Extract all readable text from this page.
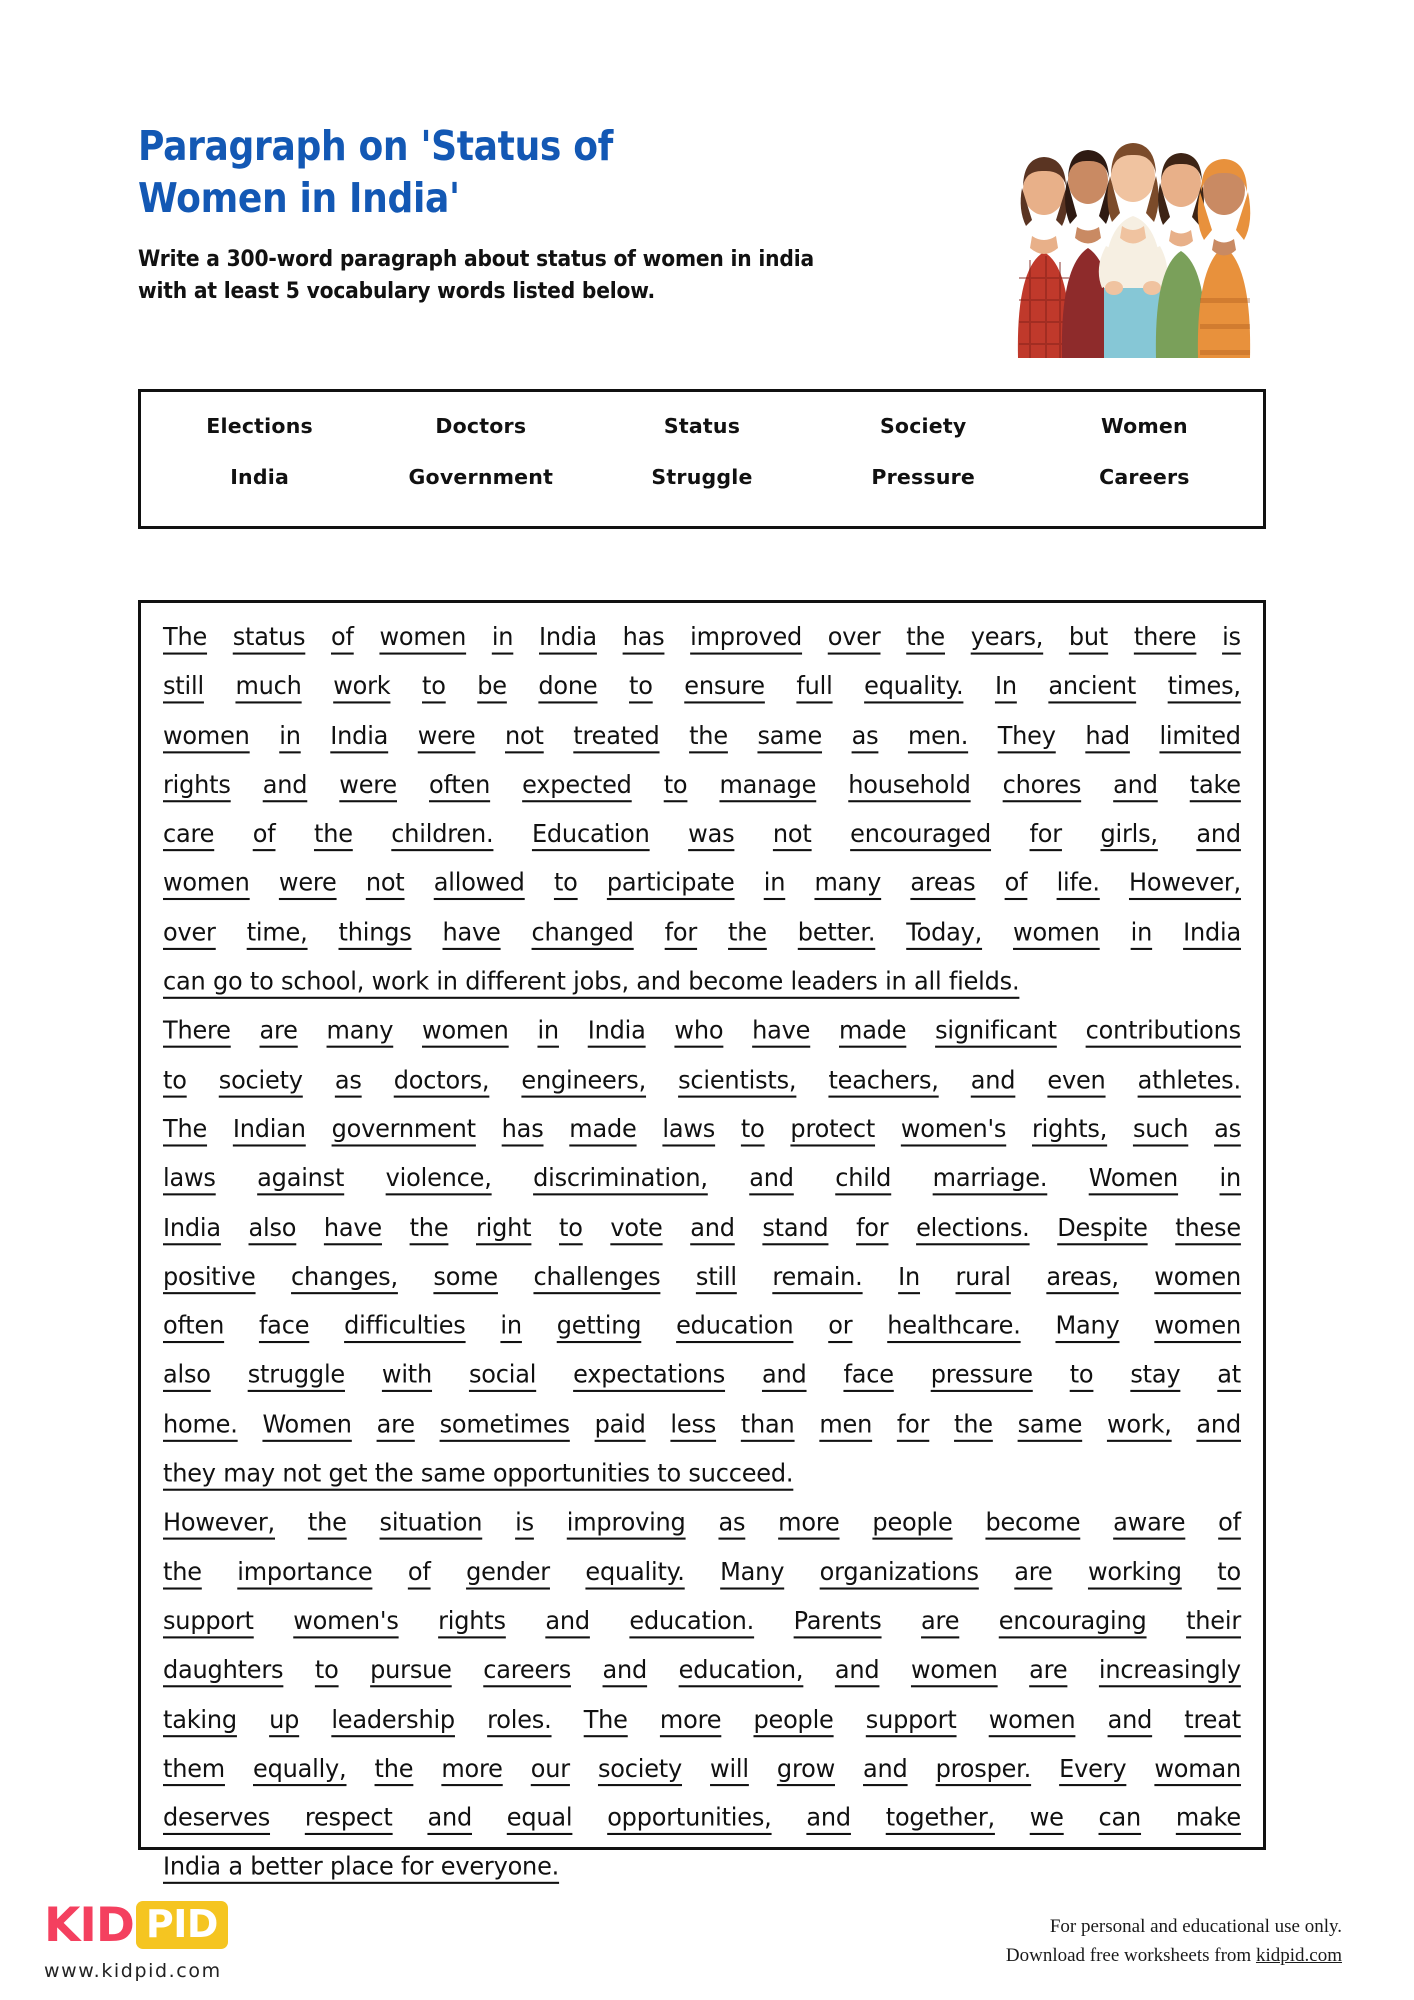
Paragraph on 'Status of Women in India'

Write a 300-word paragraph about status of women in india with at least 5 vocabulary words listed below.

Elections	Doctors	Status	Society	Women
India	Government	Struggle	Pressure	Careers
The status of women in India has improved over the years, but there is
still much work to be done to ensure full equality. In ancient times,
women in India were not treated the same as men. They had limited
rights and were often expected to manage household chores and take
care of the children. Education was not encouraged for girls, and
women were not allowed to participate in many areas of life. However,
over time, things have changed for the better. Today, women in India
can go to school, work in different jobs, and become leaders in all fields.
There are many women in India who have made significant contributions
to society as doctors, engineers, scientists, teachers, and even athletes.
The Indian government has made laws to protect women's rights, such as
laws against violence, discrimination, and child marriage. Women in
India also have the right to vote and stand for elections. Despite these
positive changes, some challenges still remain. In rural areas, women
often face difficulties in getting education or healthcare. Many women
also struggle with social expectations and face pressure to stay at
home. Women are sometimes paid less than men for the same work, and
they may not get the same opportunities to succeed.
However, the situation is improving as more people become aware of
the importance of gender equality. Many organizations are working to
support women's rights and education. Parents are encouraging their
daughters to pursue careers and education, and women are increasingly
taking up leadership roles. The more people support women and treat
them equally, the more our society will grow and prosper. Every woman
deserves respect and equal opportunities, and together, we can make
India a better place for everyone.
KID PID
www.kidpid.com
For personal and educational use only.
Download free worksheets from kidpid.com
